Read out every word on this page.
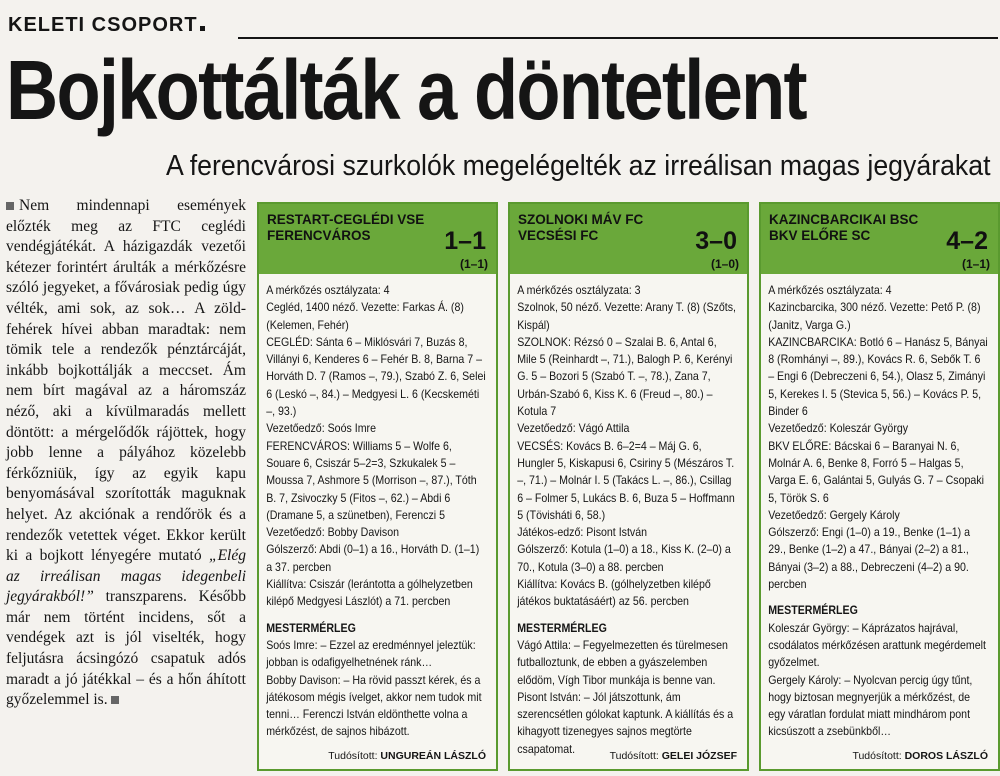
KELETI CSOPORT
Bojkottálták a döntetlent
A ferencvárosi szurkolók megelégelték az irreálisan magas jegyárakat

Nem mindennapi események előzték meg az FTC ceglédi vendégjátékát. A házigazdák vezetői kétezer forintért árulták a mérkőzésre szóló jegyeket, a fővárosiak pedig úgy vélték, ami sok, az sok… A zöld-fehérek hívei abban maradtak: nem tömik tele a rendezők pénztárcáját, inkább bojkottálják a meccset. Ám nem bírt magával az a háromszáz néző, aki a kívülmaradás mellett döntött: a mérgelődők rájöttek, hogy jobb lenne a pályához közelebb férkőzniük, így az egyik kapu benyomásával szorították maguknak helyet. Az akciónak a rendőrök és a rendezők vetettek véget. Ekkor került ki a bojkott lényegére mutató „Elég az irreálisan magas idegenbeli jegyárakból!” transzparens. Később már nem történt incidens, sőt a vendégek azt is jól viselték, hogy feljutásra ácsingózó csapatuk adós maradt a jó játékkal – és a hőn áhított győzelemmel is.

RESTART-CEGLÉDI VSE
FERENCVÁROS	1–1
(1–1)

A mérkőzés osztályzata: 4

Cegléd, 1400 néző. Vezette: Farkas Á. (8) (Kelemen, Fehér)

CEGLÉD: Sánta 6 – Miklósvári 7, Buzás 8, Villányi 6, Kenderes 6 – Fehér B. 8, Barna 7 – Horváth D. 7 (Ramos –, 79.), Szabó Z. 6, Selei 6 (Leskó –, 84.) – Medgyesi L. 6 (Kecskeméti –, 93.)

Vezetőedző: Soós Imre

FERENCVÁROS: Williams 5 – Wolfe 6, Souare 6, Csiszár 5–2=3, Szkukalek 5 – Moussa 7, Ashmore 5 (Morrison –, 87.), Tóth B. 7, Zsivoczky 5 (Fitos –, 62.) – Abdi 6 (Dramane 5, a szünetben), Ferenczi 5

Vezetőedző: Bobby Davison

Gólszerző: Abdi (0–1) a 16., Horváth D. (1–1) a 37. percben

Kiállítva: Csiszár (lerántotta a gólhelyzetben kilépő Medgyesi Lászlót) a 71. percben

MESTERMÉRLEG

Soós Imre: – Ezzel az eredménnyel jeleztük: jobban is odafigyelhetnének ránk…

Bobby Davison: – Ha rövid passzt kérek, és a játékosom mégis ívelget, akkor nem tudok mit tenni… Ferenczi István eldönthette volna a mérkőzést, de sajnos hibázott.

Tudósított: UNGUREÁN LÁSZLÓ
SZOLNOKI MÁV FC
VECSÉSI FC	3–0
(1–0)

A mérkőzés osztályzata: 3

Szolnok, 50 néző. Vezette: Arany T. (8) (Szőts, Kispál)

SZOLNOK: Rézsó 0 – Szalai B. 6, Antal 6, Mile 5 (Reinhardt –, 71.), Balogh P. 6, Kerényi G. 5 – Bozori 5 (Szabó T. –, 78.), Zana 7, Urbán-Szabó 6, Kiss K. 6 (Freud –, 80.) – Kotula 7

Vezetőedző: Vágó Attila

VECSÉS: Kovács B. 6–2=4 – Máj G. 6, Hungler 5, Kiskapusi 6, Csiriny 5 (Mészáros T. –, 71.) – Molnár I. 5 (Takács L. –, 86.), Csillag 6 – Folmer 5, Lukács B. 6, Buza 5 – Hoffmann 5 (Tövisháti 6, 58.)

Játékos-edző: Pisont István

Gólszerző: Kotula (1–0) a 18., Kiss K. (2–0) a 70., Kotula (3–0) a 88. percben

Kiállítva: Kovács B. (gólhelyzetben kilépő játékos buktatásáért) az 56. percben

MESTERMÉRLEG

Vágó Attila: – Fegyelmezetten és türelmesen futballoztunk, de ebben a gyászelemben elődöm, Vígh Tibor munkája is benne van.

Pisont István: – Jól játszottunk, ám szerencsétlen gólokat kaptunk. A kiállítás és a kihagyott tizenegyes sajnos megtörte csapatomat.

Tudósított: GELEI JÓZSEF
KAZINCBARCIKAI BSC
BKV ELŐRE SC	4–2
(1–1)

A mérkőzés osztályzata: 4

Kazincbarcika, 300 néző. Vezette: Pető P. (8) (Janitz, Varga G.)

KAZINCBARCIKA: Botló 6 – Hanász 5, Bányai 8 (Romhányi –, 89.), Kovács R. 6, Sebők T. 6 – Engi 6 (Debreczeni 6, 54.), Olasz 5, Zimányi 5, Kerekes I. 5 (Stevica 5, 56.) – Kovács P. 5, Binder 6

Vezetőedző: Koleszár György

BKV ELŐRE: Bácskai 6 – Baranyai N. 6, Molnár A. 6, Benke 8, Forró 5 – Halgas 5, Varga E. 6, Galántai 5, Gulyás G. 7 – Csopaki 5, Török S. 6

Vezetőedző: Gergely Károly

Gólszerző: Engi (1–0) a 19., Benke (1–1) a 29., Benke (1–2) a 47., Bányai (2–2) a 81., Bányai (3–2) a 88., Debreczeni (4–2) a 90. percben

MESTERMÉRLEG

Koleszár György: – Káprázatos hajrával, csodálatos mérkőzésen arattunk megérdemelt győzelmet.

Gergely Károly: – Nyolcvan percig úgy tűnt, hogy biztosan megnyerjük a mérkőzést, de egy váratlan fordulat miatt mindhárom pont kicsúszott a zsebünkből…

Tudósított: DOROS LÁSZLÓ
